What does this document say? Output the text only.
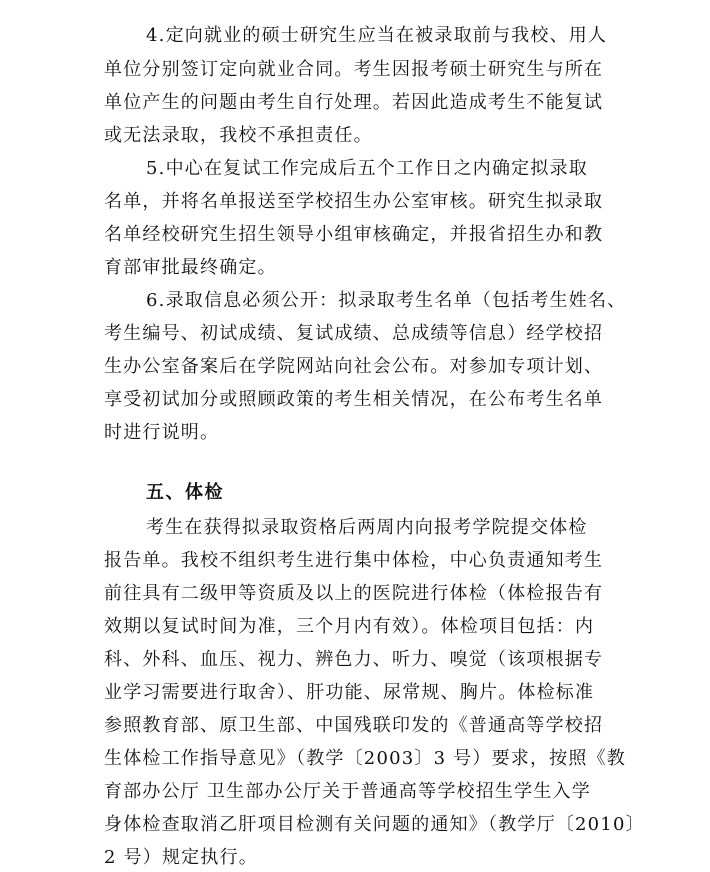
4.定向就业的硕士研究生应当在被录取前与我校、用人
单位分别签订定向就业合同。考生因报考硕士研究生与所在
单位产生的问题由考生自行处理。若因此造成考生不能复试
或无法录取，我校不承担责任。
5.中心在复试工作完成后五个工作日之内确定拟录取
名单，并将名单报送至学校招生办公室审核。研究生拟录取
名单经校研究生招生领导小组审核确定，并报省招生办和教
育部审批最终确定。
6.录取信息必须公开：拟录取考生名单（包括考生姓名、
考生编号、初试成绩、复试成绩、总成绩等信息）经学校招
生办公室备案后在学院网站向社会公布。对参加专项计划、
享受初试加分或照顾政策的考生相关情况，在公布考生名单
时进行说明。
五、体检
考生在获得拟录取资格后两周内向报考学院提交体检
报告单。我校不组织考生进行集中体检，中心负责通知考生
前往具有二级甲等资质及以上的医院进行体检（体检报告有
效期以复试时间为准，三个月内有效）。体检项目包括：内
科、外科、血压、视力、辨色力、听力、嗅觉（该项根据专
业学习需要进行取舍）、肝功能、尿常规、胸片。体检标准
参照教育部、原卫生部、中国残联印发的《普通高等学校招
生体检工作指导意见》（教学〔2003〕3 号）要求，按照《教
育部办公厅 卫生部办公厅关于普通高等学校招生学生入学
身体检查取消乙肝项目检测有关问题的通知》（教学厅〔2010〕
2 号）规定执行。
